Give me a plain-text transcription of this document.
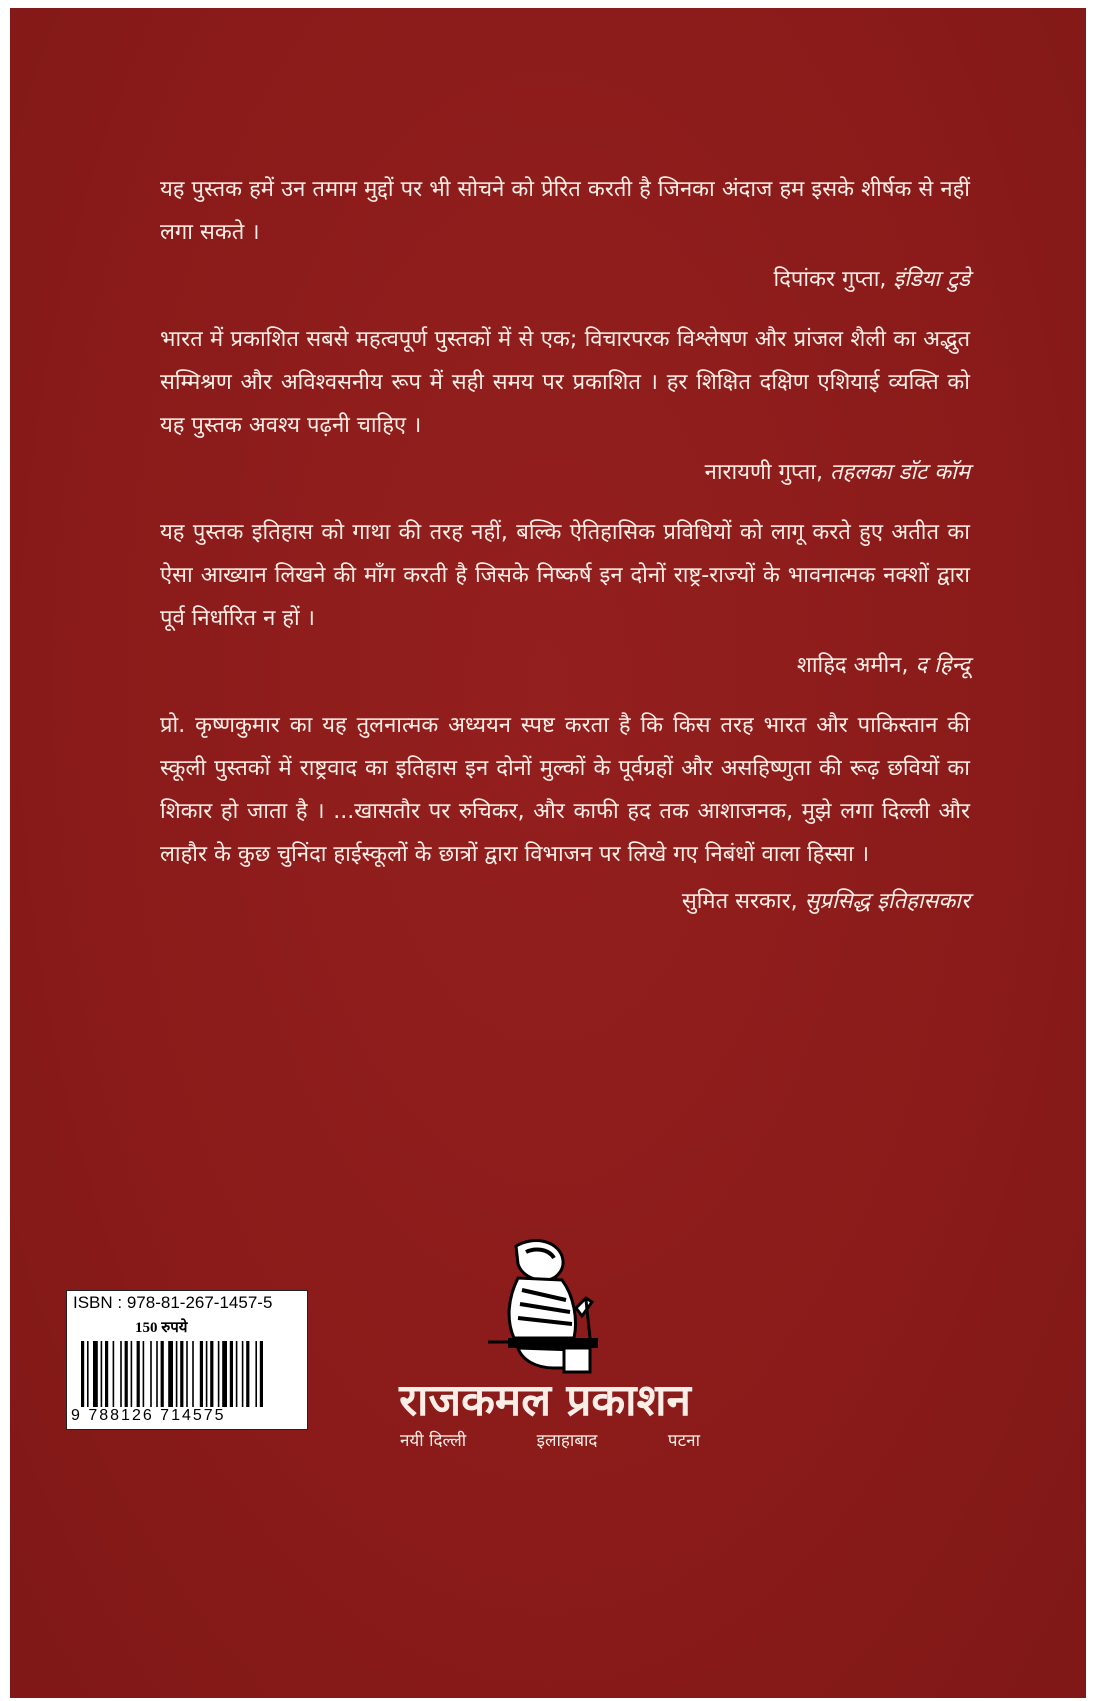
यह पुस्तक हमें उन तमाम मुद्दों पर भी सोचने को प्रेरित करती है जिनका अंदाज हम इसके शीर्षक से नहीं लगा सकते ।

दिपांकर गुप्ता, इंडिया टुडे

भारत में प्रकाशित सबसे महत्वपूर्ण पुस्तकों में से एक; विचारपरक विश्लेषण और प्रांजल शैली का अद्भुत सम्मिश्रण और अविश्वसनीय रूप में सही समय पर प्रकाशित । हर शिक्षित दक्षिण एशियाई व्यक्ति को यह पुस्तक अवश्य पढ़नी चाहिए ।

नारायणी गुप्ता, तहलका डॉट कॉम

यह पुस्तक इतिहास को गाथा की तरह नहीं, बल्कि ऐतिहासिक प्रविधियों को लागू करते हुए अतीत का ऐसा आख्यान लिखने की माँग करती है जिसके निष्कर्ष इन दोनों राष्ट्र-राज्यों के भावनात्मक नक्शों द्वारा पूर्व निर्धारित न हों ।

शाहिद अमीन, द हिन्दू

प्रो. कृष्णकुमार का यह तुलनात्मक अध्ययन स्पष्ट करता है कि किस तरह भारत और पाकिस्तान की स्कूली पुस्तकों में राष्ट्रवाद का इतिहास इन दोनों मुल्कों के पूर्वग्रहों और असहिष्णुता की रूढ़ छवियों का शिकार हो जाता है । ...खासतौर पर रुचिकर, और काफी हद तक आशाजनक, मुझे लगा दिल्ली और लाहौर के कुछ चुनिंदा हाईस्कूलों के छात्रों द्वारा विभाजन पर लिखे गए निबंधों वाला हिस्सा ।

सुमित सरकार, सुप्रसिद्ध इतिहासकार

ISBN : 978-81-267-1457-5
150 रुपये
9 788126 714575	राजकमल प्रकाशन
नयी दिल्ली	इलाहाबाद	पटना
